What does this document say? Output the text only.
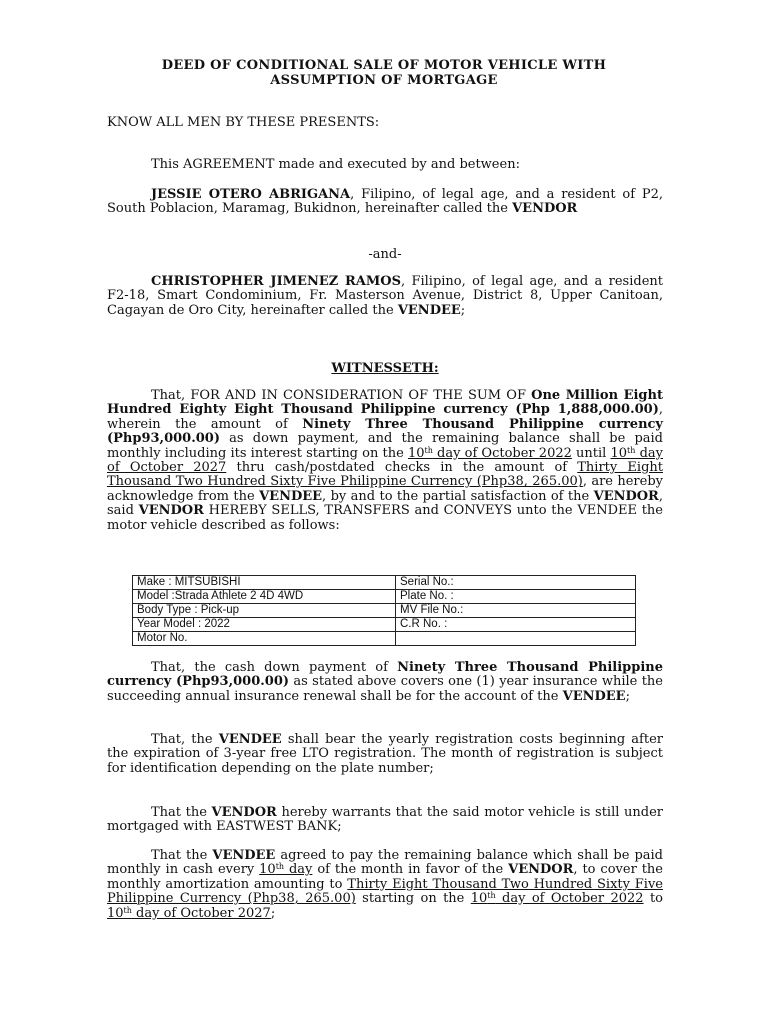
DEED OF CONDITIONAL SALE OF MOTOR VEHICLE WITH
ASSUMPTION OF MORTGAGE
KNOW ALL MEN BY THESE PRESENTS:
This AGREEMENT made and executed by and between:
JESSIE OTERO ABRIGANA, Filipino, of legal age, and a resident of P2, South Poblacion, Maramag, Bukidnon, hereinafter called the VENDOR
-and-
CHRISTOPHER JIMENEZ RAMOS, Filipino, of legal age, and a resident F2-18, Smart Condominium, Fr. Masterson Avenue, District 8, Upper Canitoan, Cagayan de Oro City, hereinafter called the VENDEE;
WITNESSETH:
That, FOR AND IN CONSIDERATION OF THE SUM OF One Million Eight Hundred Eighty Eight Thousand Philippine currency (Php 1,888,000.00), wherein the amount of Ninety Three Thousand Philippine currency (Php93,000.00) as down payment, and the remaining balance shall be paid monthly including its interest starting on the 10th day of October 2022 until 10th day of October 2027 thru cash/postdated checks in the amount of Thirty Eight Thousand Two Hundred Sixty Five Philippine Currency (Php38, 265.00), are hereby acknowledge from the VENDEE, by and to the partial satisfaction of the VENDOR, said VENDOR HEREBY SELLS, TRANSFERS and CONVEYS unto the VENDEE the motor vehicle described as follows:
Make : MITSUBISHI	Serial No.:
Model :Strada Athlete 2 4D 4WD	Plate No. :
Body Type : Pick-up	MV File No.:
Year Model : 2022	C.R No. :
Motor No.	
That, the cash down payment of Ninety Three Thousand Philippine currency (Php93,000.00) as stated above covers one (1) year insurance while the succeeding annual insurance renewal shall be for the account of the VENDEE;
That, the VENDEE shall bear the yearly registration costs beginning after the expiration of 3-year free LTO registration. The month of registration is subject for identification depending on the plate number;
That the VENDOR hereby warrants that the said motor vehicle is still under mortgaged with EASTWEST BANK;
That the VENDEE agreed to pay the remaining balance which shall be paid monthly in cash every 10th day of the month in favor of the VENDOR, to cover the monthly amortization amounting to Thirty Eight Thousand Two Hundred Sixty Five Philippine Currency (Php38, 265.00) starting on the 10th day of October 2022 to 10th day of October 2027;
